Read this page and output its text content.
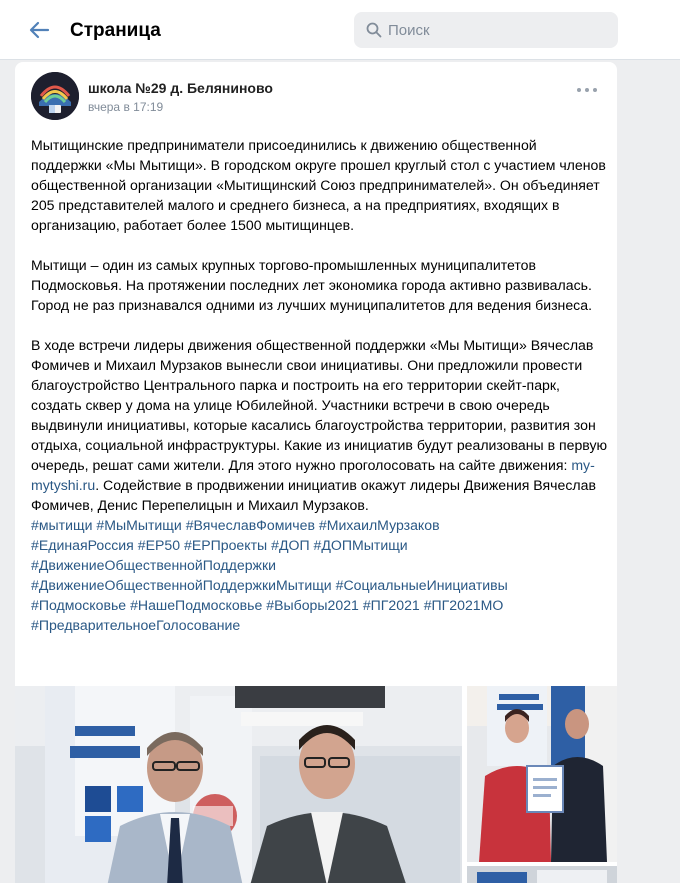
Страница
Поиск
школа №29 д. Беляниново
вчера в 17:19

Мытищинские предприниматели присоединились к движению общественной поддержки «Мы Мытищи». В городском округе прошел круглый стол с участием членов общественной организации «Мытищинский Союз предпринимателей». Он объединяет 205 представителей малого и среднего бизнеса, а на предприятиях, входящих в организацию, работает более 1500 мытищинцев.

Мытищи – один из самых крупных торгово-промышленных муниципалитетов Подмосковья. На протяжении последних лет экономика города активно развивалась. Город не раз признавался одними из лучших муниципалитетов для ведения бизнеса.

В ходе встречи лидеры движения общественной поддержки «Мы Мытищи» Вячеслав Фомичев и Михаил Мурзаков вынесли свои инициативы. Они предложили провести благоустройство Центрального парка и построить на его территории скейт-парк, создать сквер у дома на улице Юбилейной. Участники встречи в свою очередь выдвинули инициативы, которые касались благоустройства территории, развития зон отдыха, социальной инфраструктуры. Какие из инициатив будут реализованы в первую очередь, решат сами жители. Для этого нужно проголосовать на сайте движения: my-mytyshi.ru. Содействие в продвижении инициатив окажут лидеры Движения Вячеслав Фомичев, Денис Перепелицын и Михаил Мурзаков.

#мытищи #МыМытищи #ВячеславФомичев #МихаилМурзаков
#ЕдинаяРоссия #ЕР50 #ЕРПроекты #ДОП #ДОПМытищи
#ДвижениеОбщественнойПоддержки
#ДвижениеОбщественнойПоддержкиМытищи #СоциальныеИнициативы
#Подмосковье #НашеПодмосковье #Выборы2021 #ПГ2021 #ПГ2021МО
#ПредварительноеГолосование
